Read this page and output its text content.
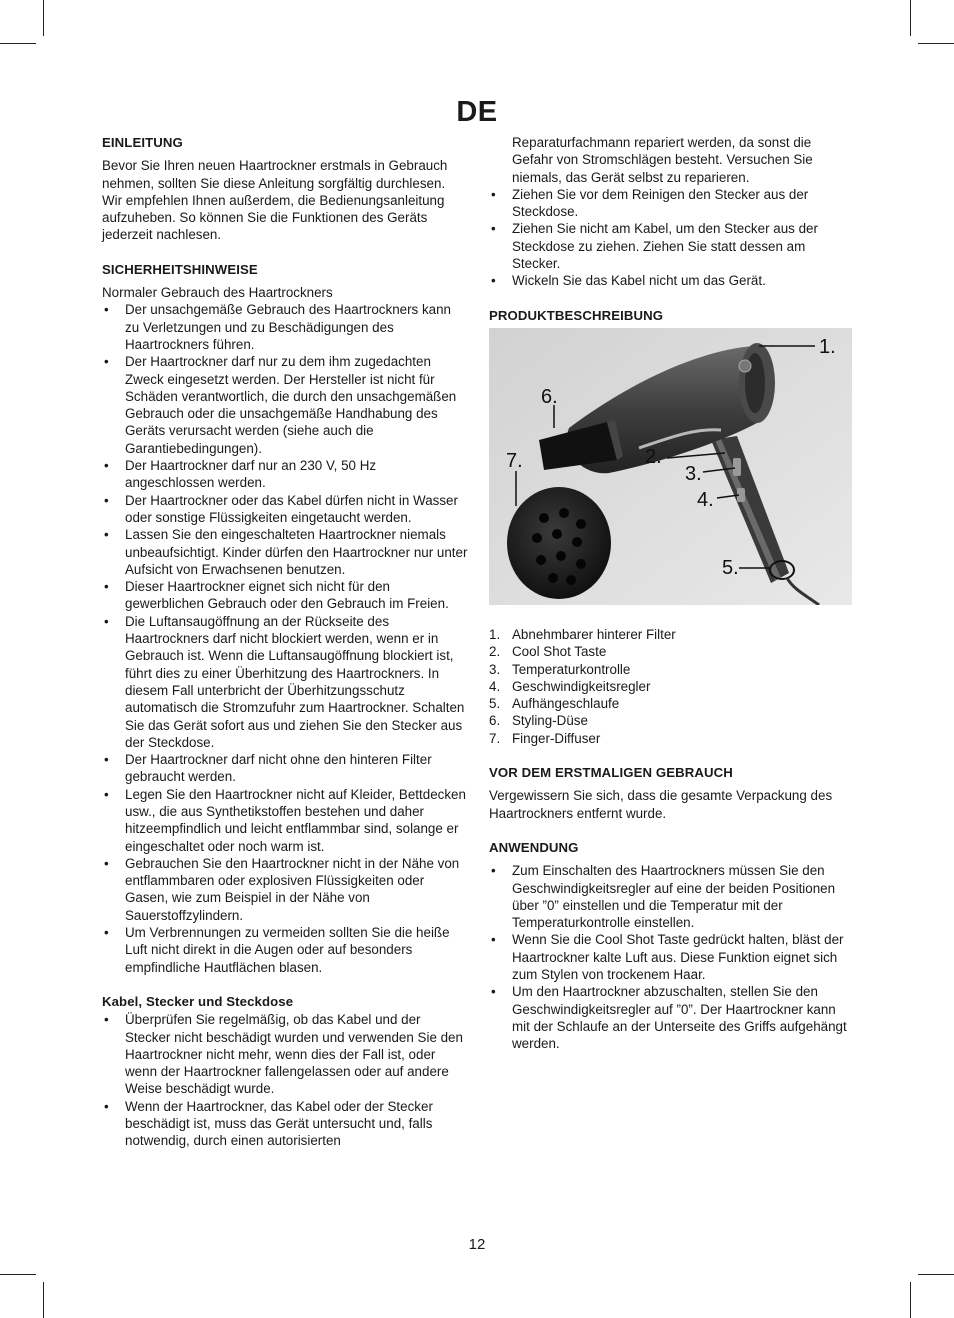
DE
EINLEITUNG

Bevor Sie Ihren neuen Haartrockner erstmals in Gebrauch nehmen, sollten Sie diese Anleitung sorgfältig durchlesen. Wir empfehlen Ihnen außerdem, die Bedienungsanleitung aufzuheben. So können Sie die Funktionen des Geräts jederzeit nachlesen.

SICHERHEITSHINWEISE

Normaler Gebrauch des Haartrockners

• Der unsachgemäße Gebrauch des Haartrockners kann zu Verletzungen und zu Beschädigungen des Haartrockners führen.
• Der Haartrockner darf nur zu dem ihm zugedachten Zweck eingesetzt werden. Der Hersteller ist nicht für Schäden verantwortlich, die durch den unsachgemäßen Gebrauch oder die unsachgemäße Handhabung des Geräts verursacht werden (siehe auch die Garantiebedingungen).
• Der Haartrockner darf nur an 230 V, 50 Hz angeschlossen werden.
• Der Haartrockner oder das Kabel dürfen nicht in Wasser oder sonstige Flüssigkeiten eingetaucht werden.
• Lassen Sie den eingeschalteten Haartrockner niemals unbeaufsichtigt. Kinder dürfen den Haartrockner nur unter Aufsicht von Erwachsenen benutzen.
• Dieser Haartrockner eignet sich nicht für den gewerblichen Gebrauch oder den Gebrauch im Freien.
• Die Luftansaugöffnung an der Rückseite des Haartrockners darf nicht blockiert werden, wenn er in Gebrauch ist. Wenn die Luftansaugöffnung blockiert ist, führt dies zu einer Überhitzung des Haartrockners. In diesem Fall unterbricht der Überhitzungsschutz automatisch die Stromzufuhr zum Haartrockner. Schalten Sie das Gerät sofort aus und ziehen Sie den Stecker aus der Steckdose.
• Der Haartrockner darf nicht ohne den hinteren Filter gebraucht werden.
• Legen Sie den Haartrockner nicht auf Kleider, Bettdecken usw., die aus Synthetikstoffen bestehen und daher hitzeempfindlich und leicht entflammbar sind, solange er eingeschaltet oder noch warm ist.
• Gebrauchen Sie den Haartrockner nicht in der Nähe von entflammbaren oder explosiven Flüssigkeiten oder Gasen, wie zum Beispiel in der Nähe von Sauerstoffzylindern.
• Um Verbrennungen zu vermeiden sollten Sie die heiße Luft nicht direkt in die Augen oder auf besonders empfindliche Hautflächen blasen.
Kabel, Stecker und Steckdose
• Überprüfen Sie regelmäßig, ob das Kabel und der Stecker nicht beschädigt wurden und verwenden Sie den Haartrockner nicht mehr, wenn dies der Fall ist, oder wenn der Haartrockner fallengelassen oder auf andere Weise beschädigt wurde.
• Wenn der Haartrockner, das Kabel oder der Stecker beschädigt ist, muss das Gerät untersucht und, falls notwendig, durch einen autorisierten

Reparaturfachmann repariert werden, da sonst die Gefahr von Stromschlägen besteht. Versuchen Sie niemals, das Gerät selbst zu reparieren.

• Ziehen Sie vor dem Reinigen den Stecker aus der Steckdose.
• Ziehen Sie nicht am Kabel, um den Stecker aus der Steckdose zu ziehen. Ziehen Sie statt dessen am Stecker.
• Wickeln Sie das Kabel nicht um das Gerät.
PRODUKTBESCHREIBUNG
1.
2.
3.
4.
5.
6.
7.
1. Abnehmbarer hinterer Filter
2. Cool Shot Taste
3. Temperaturkontrolle
4. Geschwindigkeitsregler
5. Aufhängeschlaufe
6. Styling-Düse
7. Finger-Diffuser
VOR DEM ERSTMALIGEN GEBRAUCH

Vergewissern Sie sich, dass die gesamte Verpackung des Haartrockners entfernt wurde.

ANWENDUNG
• Zum Einschalten des Haartrockners müssen Sie den Geschwindigkeitsregler auf eine der beiden Positionen über ”0” einstellen und die Temperatur mit der Temperaturkontrolle einstellen.
• Wenn Sie die Cool Shot Taste gedrückt halten, bläst der Haartrockner kalte Luft aus. Diese Funktion eignet sich zum Stylen von trockenem Haar.
• Um den Haartrockner abzuschalten, stellen Sie den Geschwindigkeitsregler auf ”0”. Der Haartrockner kann mit der Schlaufe an der Unterseite des Griffs aufgehängt werden.
12
